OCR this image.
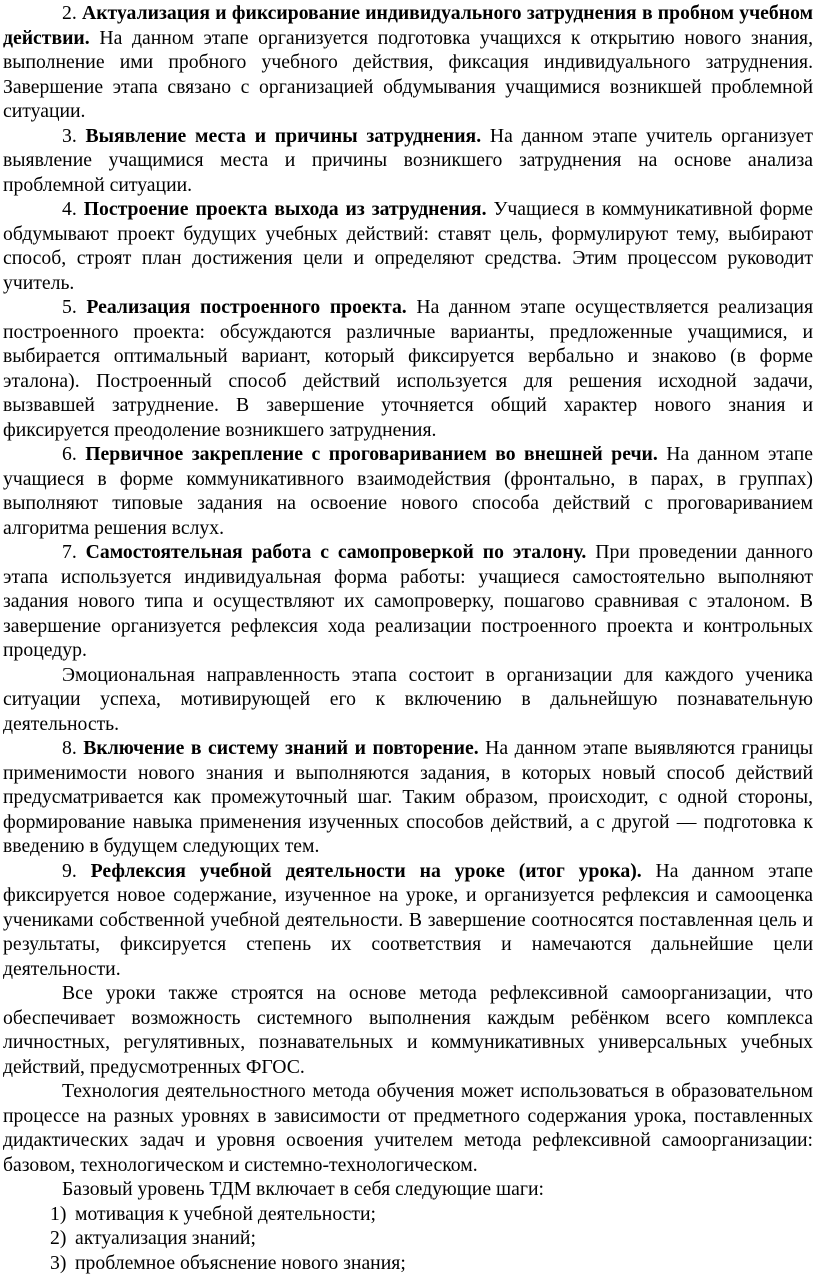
2. Актуализация и фиксирование индивидуального затруднения в пробном учебном действии. На данном этапе организуется подготовка учащихся к открытию нового знания, выполнение ими пробного учебного действия, фиксация индивидуального затруднения. Завершение этапа связано с организацией обдумывания учащимися возникшей проблемной ситуации.

3. Выявление места и причины затруднения. На данном этапе учитель организует выявление учащимися места и причины возникшего затруднения на основе анализа проблемной ситуации.

4. Построение проекта выхода из затруднения. Учащиеся в коммуникативной форме обдумывают проект будущих учебных действий: ставят цель, формулируют тему, выбирают способ, строят план достижения цели и определяют средства. Этим процессом руководит учитель.

5. Реализация построенного проекта. На данном этапе осуществляется реализация построенного проекта: обсуждаются различные варианты, предложенные учащимися, и выбирается оптимальный вариант, который фиксируется вербально и знаково (в форме эталона). Построенный способ действий используется для решения исходной задачи, вызвавшей затруднение. В завершение уточняется общий характер нового знания и фиксируется преодоление возникшего затруднения.

6. Первичное закрепление с проговариванием во внешней речи. На данном этапе учащиеся в форме коммуникативного взаимодействия (фронтально, в парах, в группах) выполняют типовые задания на освоение нового способа действий с проговариванием алгоритма решения вслух.

7. Самостоятельная работа с самопроверкой по эталону. При проведении данного этапа используется индивидуальная форма работы: учащиеся самостоятельно выполняют задания нового типа и осуществляют их самопроверку, пошагово сравнивая с эталоном. В завершение организуется рефлексия хода реализации построенного проекта и контрольных процедур.

Эмоциональная направленность этапа состоит в организации для каждого ученика ситуации успеха, мотивирующей его к включению в дальнейшую познавательную деятельность.

8. Включение в систему знаний и повторение. На данном этапе выявляются границы применимости нового знания и выполняются задания, в которых новый способ действий предусматривается как промежуточный шаг. Таким образом, происходит, с одной стороны, формирование навыка применения изученных способов действий, а с другой — подготовка к введению в будущем следующих тем.

9. Рефлексия учебной деятельности на уроке (итог урока). На данном этапе фиксируется новое содержание, изученное на уроке, и организуется рефлексия и самооценка учениками собственной учебной деятельности. В завершение соотносятся поставленная цель и результаты, фиксируется степень их соответствия и намечаются дальнейшие цели деятельности.

Все уроки также строятся на основе метода рефлексивной самоорганизации, что обеспечивает возможность системного выполнения каждым ребёнком всего комплекса личностных, регулятивных, познавательных и коммуникативных универсальных учебных действий, предусмотренных ФГОС.

Технология деятельностного метода обучения может использоваться в образовательном процессе на разных уровнях в зависимости от предметного содержания урока, поставленных дидактических задач и уровня освоения учителем метода рефлексивной самоорганизации: базовом, технологическом и системно-технологическом.

Базовый уровень ТДМ включает в себя следующие шаги:

1) мотивация к учебной деятельности;
2) актуализация знаний;
3) проблемное объяснение нового знания;
